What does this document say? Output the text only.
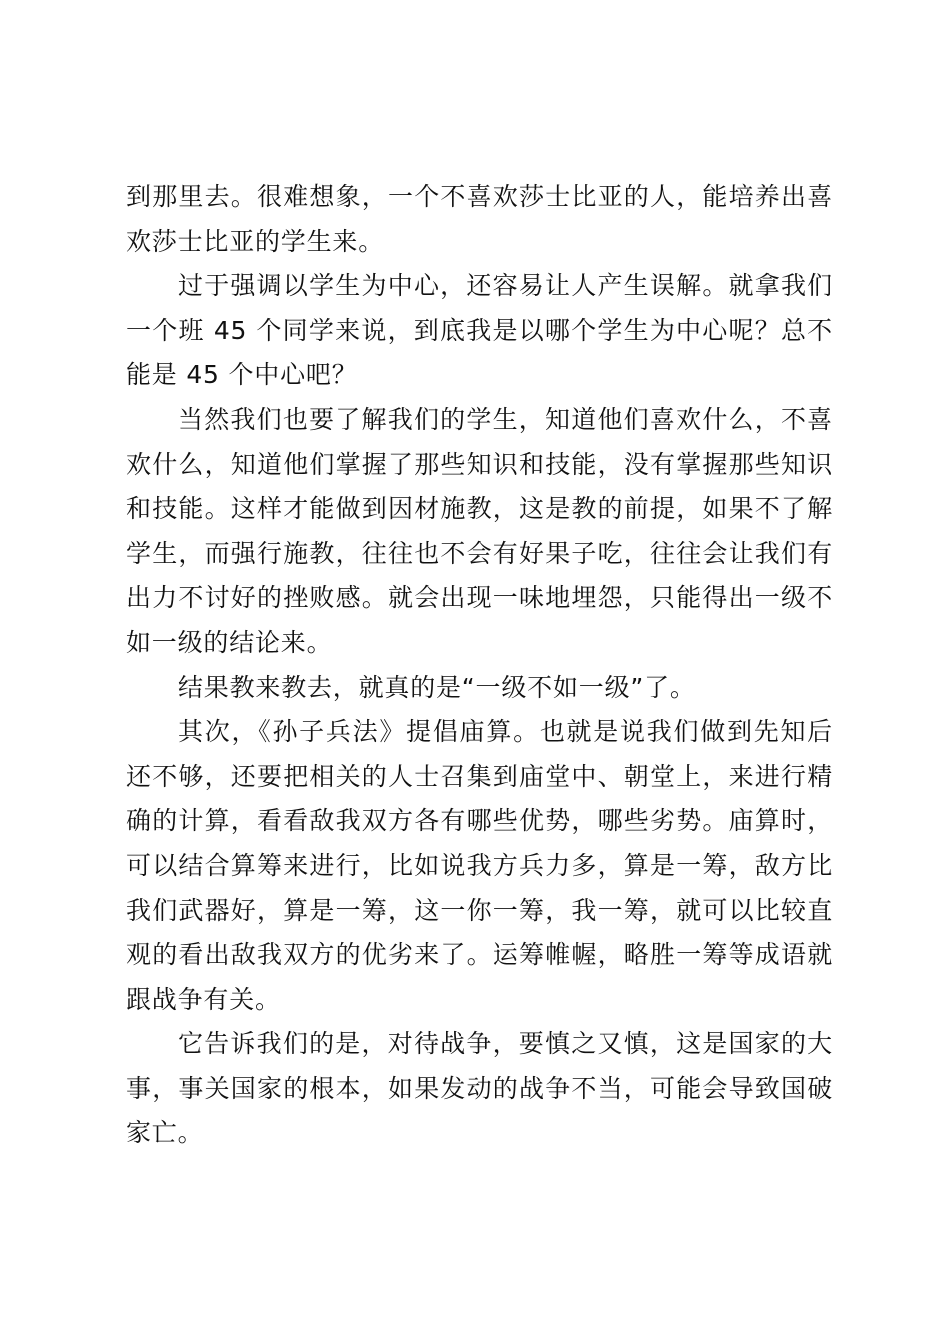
到那里去。很难想象，一个不喜欢莎士比亚的人，能培养出喜欢莎士比亚的学生来。

过于强调以学生为中心，还容易让人产生误解。就拿我们一个班 45 个同学来说，到底我是以哪个学生为中心呢？总不能是 45 个中心吧？

当然我们也要了解我们的学生，知道他们喜欢什么，不喜欢什么，知道他们掌握了那些知识和技能，没有掌握那些知识和技能。这样才能做到因材施教，这是教的前提，如果不了解学生，而强行施教，往往也不会有好果子吃，往往会让我们有出力不讨好的挫败感。就会出现一味地埋怨，只能得出一级不如一级的结论来。

结果教来教去，就真的是“一级不如一级”了。

其次，《孙子兵法》提倡庙算。也就是说我们做到先知后还不够，还要把相关的人士召集到庙堂中、朝堂上，来进行精确的计算，看看敌我双方各有哪些优势，哪些劣势。庙算时，可以结合算筹来进行，比如说我方兵力多，算是一筹，敌方比我们武器好，算是一筹，这一你一筹，我一筹，就可以比较直观的看出敌我双方的优劣来了。运筹帷幄，略胜一筹等成语就跟战争有关。

它告诉我们的是，对待战争，要慎之又慎，这是国家的大事，事关国家的根本，如果发动的战争不当，可能会导致国破家亡。
